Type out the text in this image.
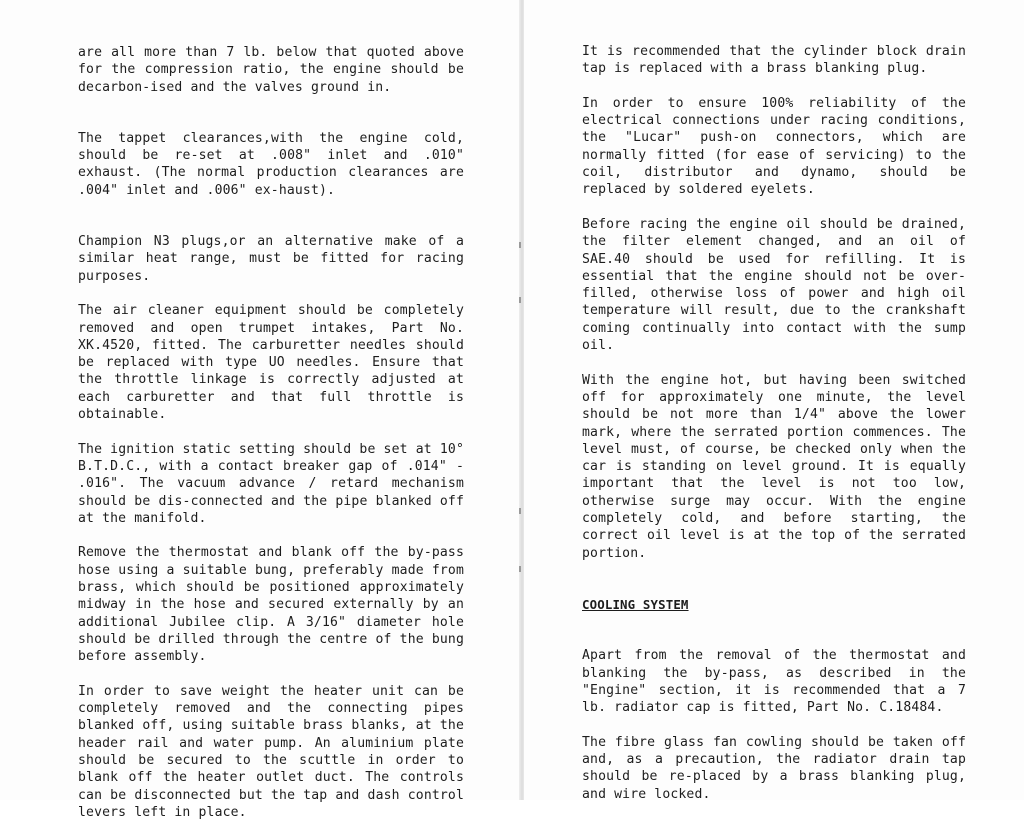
are all more than 7 lb. below that quoted above for the compression ratio, the engine should be decarbon-ised and the valves ground in.

The tappet clearances,with the engine cold, should be re-set at .008" inlet and .010" exhaust. (The normal production clearances are .004" inlet and .006" ex-haust).

Champion N3 plugs,or an alternative make of a similar heat range, must be fitted for racing purposes.

The air cleaner equipment should be completely removed and open trumpet intakes, Part No. XK.4520, fitted. The carburetter needles should be replaced with type UO needles. Ensure that the throttle linkage is correctly adjusted at each carburetter and that full throttle is obtainable.

The ignition static setting should be set at 10° B.T.D.C., with a contact breaker gap of .014" - .016". The vacuum advance / retard mechanism should be dis-connected and the pipe blanked off at the manifold.

Remove the thermostat and blank off the by-pass hose using a suitable bung, preferably made from brass, which should be positioned approximately midway in the hose and secured externally by an additional Jubilee clip. A 3/16" diameter hole should be drilled through the centre of the bung before assembly.

In order to save weight the heater unit can be completely removed and the connecting pipes blanked off, using suitable brass blanks, at the header rail and water pump. An aluminium plate should be secured to the scuttle in order to blank off the heater outlet duct. The controls can be disconnected but the tap and dash control levers left in place.

It is recommended that the cylinder block drain tap is replaced with a brass blanking plug.

In order to ensure 100% reliability of the electrical connections under racing conditions, the "Lucar" push-on connectors, which are normally fitted (for ease of servicing) to the coil, distributor and dynamo, should be replaced by soldered eyelets.

Before racing the engine oil should be drained, the filter element changed, and an oil of SAE.40 should be used for refilling. It is essential that the engine should not be over-filled, otherwise loss of power and high oil temperature will result, due to the crankshaft coming continually into contact with the sump oil.

With the engine hot, but having been switched off for approximately one minute, the level should be not more than 1/4" above the lower mark, where the serrated portion commences. The level must, of course, be checked only when the car is standing on level ground. It is equally important that the level is not too low, otherwise surge may occur. With the engine completely cold, and before starting, the correct oil level is at the top of the serrated portion.

COOLING SYSTEM

Apart from the removal of the thermostat and blanking the by-pass, as described in the "Engine" section, it is recommended that a 7 lb. radiator cap is fitted, Part No. C.18484.

The fibre glass fan cowling should be taken off and, as a precaution, the radiator drain tap should be re-placed by a brass blanking plug, and wire locked.
